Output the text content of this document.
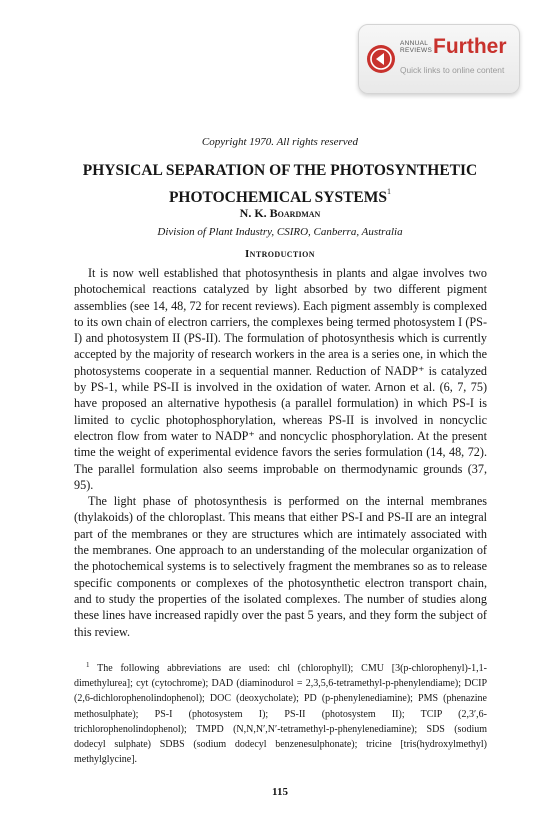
ANNUAL
REVIEWS Further
Quick links to online content
Copyright 1970. All rights reserved
PHYSICAL SEPARATION OF THE PHOTOSYNTHETIC PHOTOCHEMICAL SYSTEMS$^1$
N. K. Boardman
Division of Plant Industry, CSIRO, Canberra, Australia
Introduction

It is now well established that photosynthesis in plants and algae involves two photochemical reactions catalyzed by light absorbed by two different pigment assemblies (see 14, 48, 72 for recent reviews). Each pigment assembly is complexed to its own chain of electron carriers, the complexes being termed photosystem I (PS-I) and photosystem II (PS-II). The formulation of photosynthesis which is currently accepted by the majority of research workers in the area is a series one, in which the photosystems cooperate in a sequential manner. Reduction of NADP⁺ is catalyzed by PS-1, while PS-II is involved in the oxidation of water. Arnon et al. (6, 7, 75) have proposed an alternative hypothesis (a parallel formulation) in which PS-I is limited to cyclic photophosphorylation, whereas PS-II is involved in noncyclic electron flow from water to NADP⁺ and noncyclic phosphorylation. At the present time the weight of experimental evidence favors the series formulation (14, 48, 72). The parallel formulation also seems improbable on thermodynamic grounds (37, 95).

The light phase of photosynthesis is performed on the internal membranes (thylakoids) of the chloroplast. This means that either PS-I and PS-II are an integral part of the membranes or they are structures which are intimately associated with the membranes. One approach to an understanding of the molecular organization of the photochemical systems is to selectively fragment the membranes so as to release specific components or complexes of the photosynthetic electron transport chain, and to study the properties of the isolated complexes. The number of studies along these lines have increased rapidly over the past 5 years, and they form the subject of this review.

$^1$ The following abbreviations are used: chl (chlorophyll); CMU [3(p-chlorophenyl)-1,1-dimethylurea]; cyt (cytochrome); DAD (diaminodurol = 2,3,5,6-tetramethyl-p-phenylendiame); DCIP (2,6-dichlorophenolindophenol); DOC (deoxycholate); PD (p-phenylenediamine); PMS (phenazine methosulphate); PS-I (photosystem I); PS-II (photosystem II); TCIP (2,3′,6-trichlorophenolindophenol); TMPD (N,N,N′,N′-tetramethyl-p-phenylenediamine); SDS (sodium dodecyl sulphate) SDBS (sodium dodecyl benzenesulphonate); tricine [tris(hydroxylmethyl) methylglycine].

115
